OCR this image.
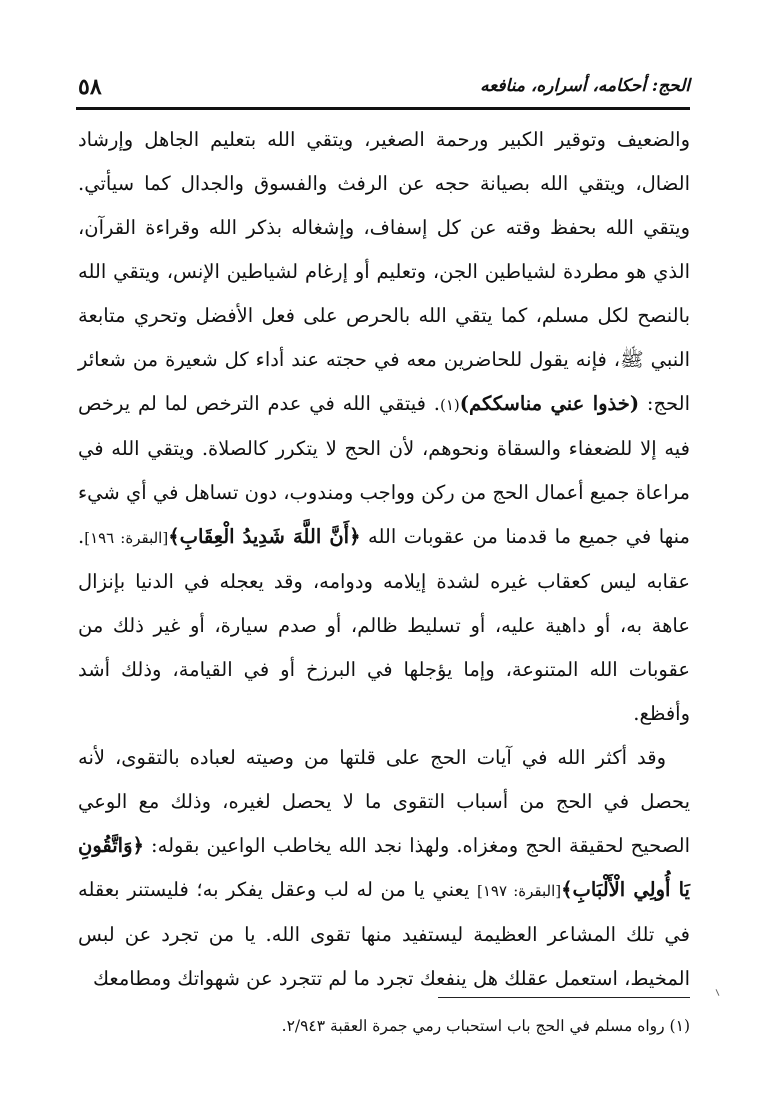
٥٨	الحج: أحكامه، أسراره، منافعه

والضعيف وتوقير الكبير ورحمة الصغير، ويتقي الله بتعليم الجاهل وإرشاد الضال، ويتقي الله بصيانة حجه عن الرفث والفسوق والجدال كما سيأتي. ويتقي الله بحفظ وقته عن كل إسفاف، وإشغاله بذكر الله وقراءة القرآن، الذي هو مطردة لشياطين الجن، وتعليم أو إرغام لشياطين الإنس، ويتقي الله بالنصح لكل مسلم، كما يتقي الله بالحرص على فعل الأفضل وتحري متابعة النبي ﷺ، فإنه يقول للحاضرين معه في حجته عند أداء كل شعيرة من شعائر الحج: (خذوا عني مناسككم)(١). فيتقي الله في عدم الترخص لما لم يرخص فيه إلا للضعفاء والسقاة ونحوهم، لأن الحج لا يتكرر كالصلاة. ويتقي الله في مراعاة جميع أعمال الحج من ركن وواجب ومندوب، دون تساهل في أي شيء منها في جميع ما قدمنا من عقوبات الله ﴿أَنَّ اللَّهَ شَدِيدُ الْعِقَابِ﴾[البقرة: ١٩٦]. عقابه ليس كعقاب غيره لشدة إيلامه ودوامه، وقد يعجله في الدنيا بإنزال عاهة به، أو داهية عليه، أو تسليط ظالم، أو صدم سيارة، أو غير ذلك من عقوبات الله المتنوعة، وإما يؤجلها في البرزخ أو في القيامة، وذلك أشد وأفظع.

وقد أكثر الله في آيات الحج على قلتها من وصيته لعباده بالتقوى، لأنه يحصل في الحج من أسباب التقوى ما لا يحصل لغيره، وذلك مع الوعي الصحيح لحقيقة الحج ومغزاه. ولهذا نجد الله يخاطب الواعين بقوله: ﴿وَاتَّقُونِ يَا أُولِي الْأَلْبَابِ﴾[البقرة: ١٩٧] يعني يا من له لب وعقل يفكر به؛ فليستنر بعقله في تلك المشاعر العظيمة ليستفيد منها تقوى الله. يا من تجرد عن لبس المخيط، استعمل عقلك هل ينفعك تجرد ما لم تتجرد عن شهواتك ومطامعك

(١) رواه مسلم في الحج باب استحباب رمي جمرة العقبة ٢/٩٤٣.
